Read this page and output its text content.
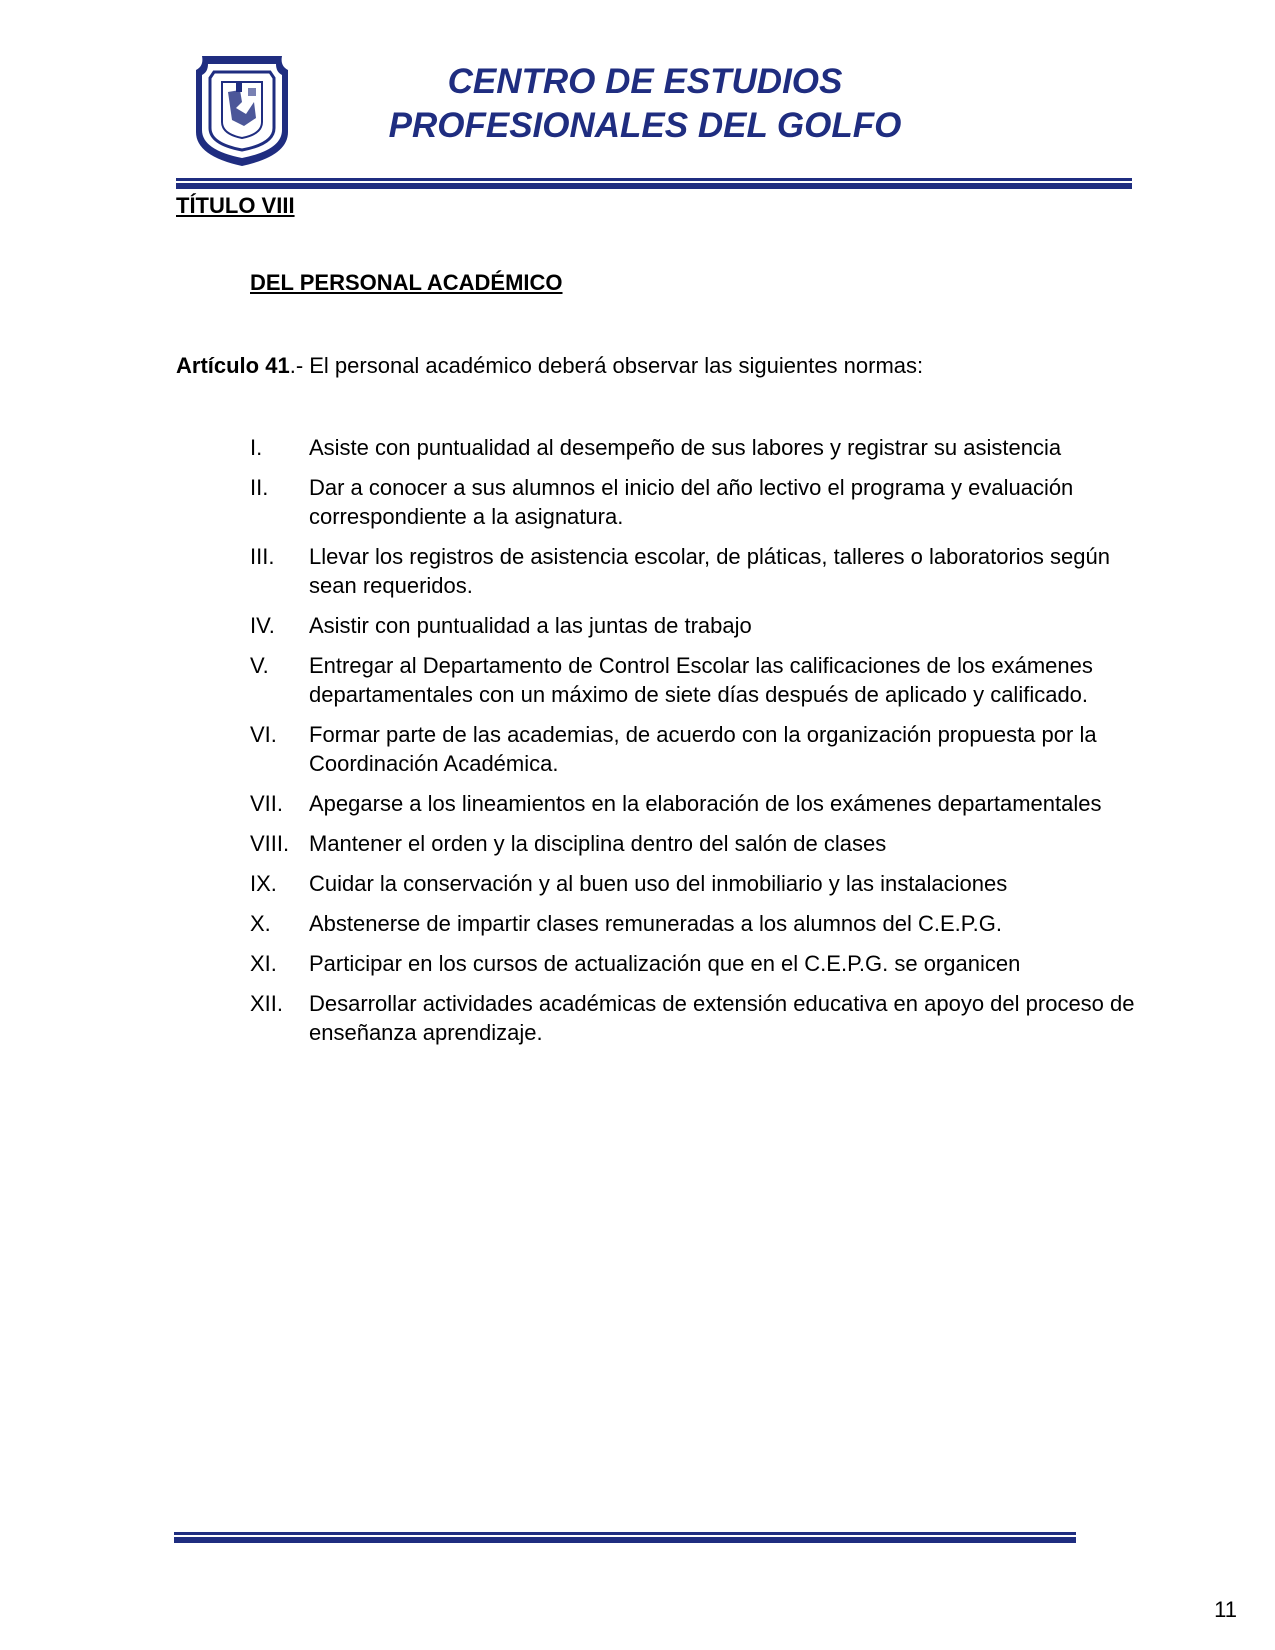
CENTRO DE ESTUDIOS
PROFESIONALES DEL GOLFO

TÍTULO VIII

DEL PERSONAL ACADÉMICO

Artículo 41.- El personal académico deberá observar las siguientes normas:

I.	Asiste con puntualidad al desempeño de sus labores y registrar su asistencia
II.	Dar a conocer a sus alumnos el inicio del año lectivo el programa y evaluación correspondiente a la asignatura.
III.	Llevar los registros de asistencia escolar, de pláticas, talleres o laboratorios según sean requeridos.
IV.	Asistir con puntualidad a las juntas de trabajo
V.	Entregar al Departamento de Control Escolar las calificaciones de los exámenes departamentales con un máximo de siete días después de aplicado y calificado.
VI.	Formar parte de las academias, de acuerdo con la organización propuesta por la Coordinación Académica.
VII.	Apegarse a los lineamientos en la elaboración de los exámenes departamentales
VIII. Mantener el orden y la disciplina dentro del salón de clases
IX.	Cuidar la conservación y al buen uso del inmobiliario y las instalaciones
X.	Abstenerse de impartir clases remuneradas a los alumnos del C.E.P.G.
XI.	Participar en los cursos de actualización que en el C.E.P.G. se organicen
XII.	Desarrollar actividades académicas de extensión educativa en apoyo del proceso de enseñanza aprendizaje.
11
